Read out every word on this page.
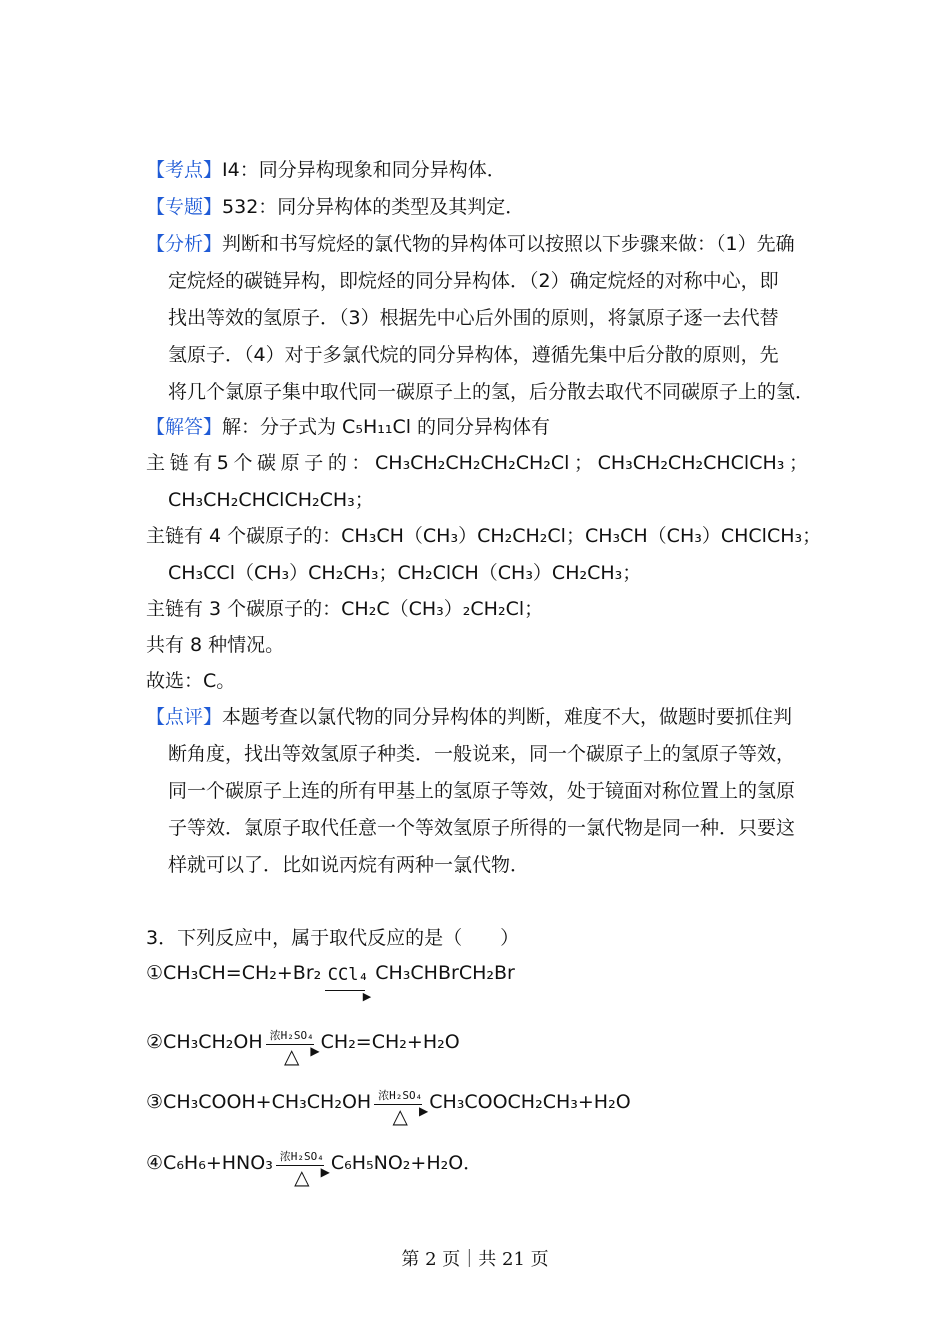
【考点】I4：同分异构现象和同分异构体．
【专题】532：同分异构体的类型及其判定．
【分析】判断和书写烷烃的氯代物的异构体可以按照以下步骤来做：（1）先确
定烷烃的碳链异构，即烷烃的同分异构体．（2）确定烷烃的对称中心，即
找出等效的氢原子．（3）根据先中心后外围的原则，将氯原子逐一去代替
氢原子．（4）对于多氯代烷的同分异构体，遵循先集中后分散的原则，先
将几个氯原子集中取代同一碳原子上的氢，后分散去取代不同碳原子上的氢．
【解答】解：分子式为 C₅H₁₁Cl 的同分异构体有
主 链 有 5 个 碳 原 子 的 ： CH₃CH₂CH₂CH₂CH₂Cl ； CH₃CH₂CH₂CHClCH₃ ；
CH₃CH₂CHClCH₂CH₃；
主链有 4 个碳原子的：CH₃CH（CH₃）CH₂CH₂Cl；CH₃CH（CH₃）CHClCH₃；
CH₃CCl（CH₃）CH₂CH₃；CH₂ClCH（CH₃）CH₂CH₃；
主链有 3 个碳原子的：CH₂C（CH₃）₂CH₂Cl；
共有 8 种情况。
故选：C。
【点评】本题考查以氯代物的同分异构体的判断，难度不大，做题时要抓住判
断角度，找出等效氢原子种类．一般说来，同一个碳原子上的氢原子等效，
同一个碳原子上连的所有甲基上的氢原子等效，处于镜面对称位置上的氢原
子等效．氯原子取代任意一个等效氢原子所得的一氯代物是同一种．只要这
样就可以了．比如说丙烷有两种一氯代物．
3．下列反应中，属于取代反应的是（　　）
① CH₃CH=CH₂+Br₂ CCl₄
▶
CH₃CHBrCH₂Br
② CH₃CH₂OH 浓H₂SO₄
▶
△
CH₂=CH₂+H₂O
③ CH₃COOH+CH₃CH₂OH 浓H₂SO₄
▶
△
CH₃COOCH₂CH₃+H₂O
④ C₆H₆+HNO₃ 浓H₂SO₄
▶
△
C₆H₅NO₂+H₂O．
第 2 页｜共 21 页
